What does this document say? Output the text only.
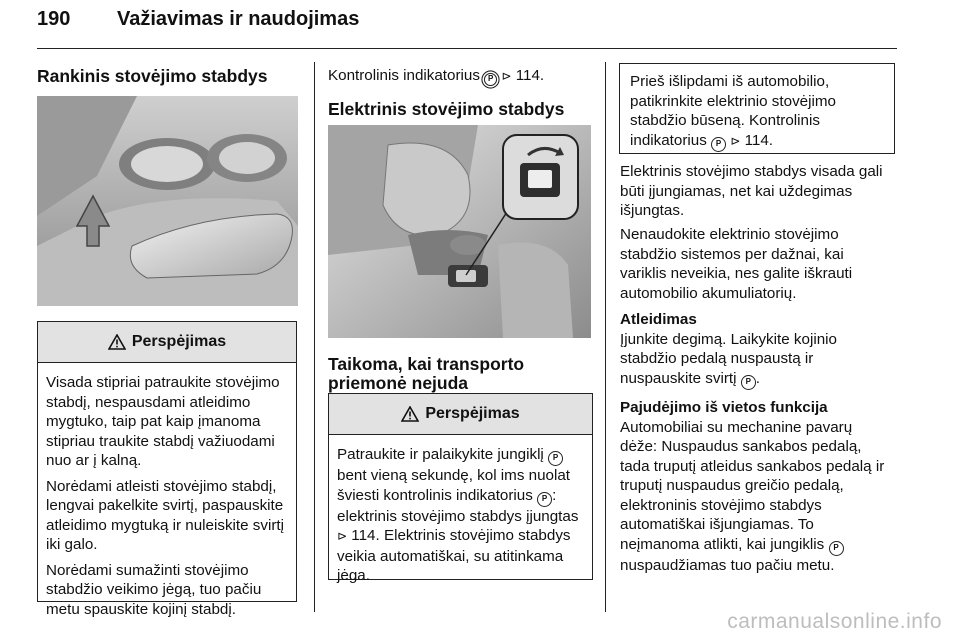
190 Važiavimas ir naudojimas
Rankinis stovėjimo stabdys
Perspėjimas

Visada stipriai patraukite stovėjimo stabdį, nespausdami atleidimo mygtuko, taip pat kaip įmanoma stipriau traukite stabdį važiuodami nuo ar į kalną.

Norėdami atleisti stovėjimo stabdį, lengvai pakelkite svirtį, paspauskite atleidimo mygtuką ir nuleiskite svirtį iki galo.

Norėdami sumažinti stovėjimo stabdžio veikimo jėgą, tuo pačiu metu spauskite kojinį stabdį.

Kontrolinis indikatorius P ⊳ 114.

Elektrinis stovėjimo stabdys
Taikoma, kai transporto priemonė nejuda
Perspėjimas

Patraukite ir palaikykite jungiklį P bent vieną sekundę, kol ims nuolat šviesti kontrolinis indikatorius P : elektrinis stovėjimo stabdys įjungtas ⊳ 114. Elektrinis stovėjimo stabdys veikia automatiškai, su atitinkama jėga.

Prieš išlipdami iš automobilio, patikrinkite elektrinio stovėjimo stabdžio būseną. Kontrolinis indikatorius P ⊳ 114.

Elektrinis stovėjimo stabdys visada gali būti įjungiamas, net kai uždegimas išjungtas.

Nenaudokite elektrinio stovėjimo stabdžio sistemos per dažnai, kai variklis neveikia, nes galite iškrauti automobilio akumuliatorių.

Atleidimas
Įjunkite degimą. Laikykite kojinio stabdžio pedalą nuspaustą ir nuspauskite svirtį P .

Pajudėjimo iš vietos funkcija
Automobiliai su mechanine pavarų dėže: Nuspaudus sankabos pedalą, tada truputį atleidus sankabos pedalą ir truputį nuspaudus greičio pedalą, elektroninis stovėjimo stabdys automatiškai išjungiamas. To neįmanoma atlikti, kai jungiklis P nuspaudžiamas tuo pačiu metu.

carmanualsonline.info
